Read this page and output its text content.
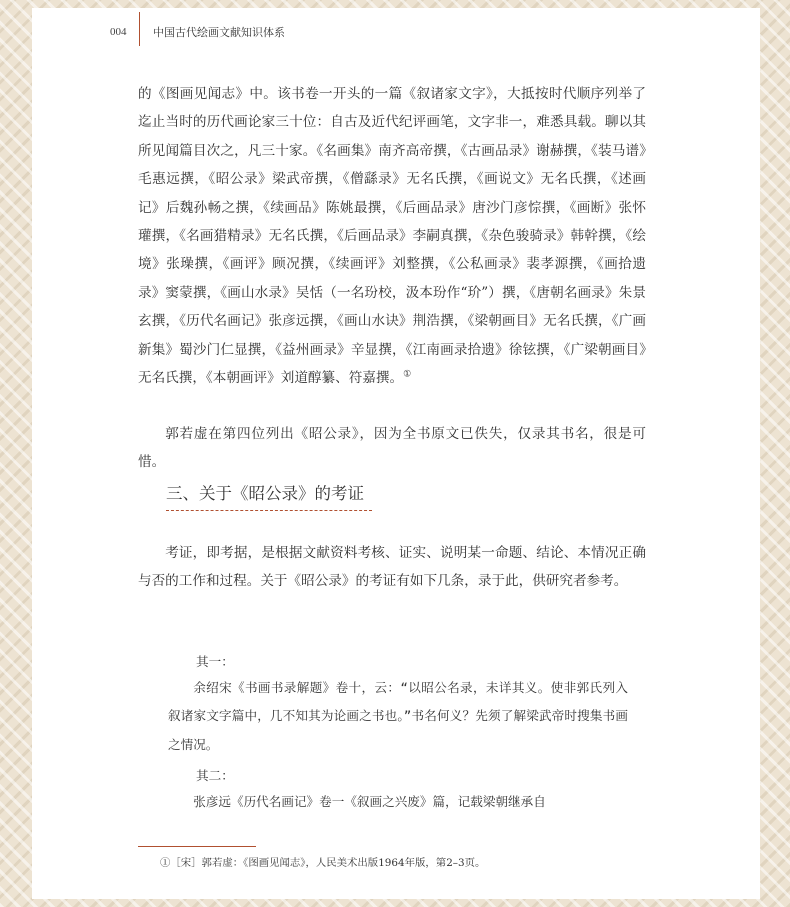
004 中国古代绘画文献知识体系

的《图画见闻志》中。该书卷一开头的一篇《叙诸家文字》，大抵按时代顺序列举了迄止当时的历代画论家三十位：自古及近代纪评画笔，文字非一，难悉具载。聊以其所见闻篇目次之，凡三十家。《名画集》南齐高帝撰，《古画品录》谢赫撰，《装马谱》毛惠远撰，《昭公录》梁武帝撰，《僧繇录》无名氏撰，《画说文》无名氏撰，《述画记》后魏孙畅之撰，《续画品》陈姚最撰，《后画品录》唐沙门彦悰撰，《画断》张怀瓘撰，《名画猎精录》无名氏撰，《后画品录》李嗣真撰，《杂色骏骑录》韩幹撰，《绘境》张璪撰，《画评》顾况撰，《续画评》刘整撰，《公私画录》裴孝源撰，《画拾遗录》窦蒙撰，《画山水录》吴恬（一名玢校，汲本玢作“玠”）撰，《唐朝名画录》朱景玄撰，《历代名画记》张彦远撰，《画山水诀》荆浩撰，《梁朝画目》无名氏撰，《广画新集》蜀沙门仁显撰，《益州画录》辛显撰，《江南画录拾遗》徐铉撰，《广梁朝画目》无名氏撰，《本朝画评》刘道醇纂、符嘉撰。①

郭若虚在第四位列出《昭公录》，因为全书原文已佚失，仅录其书名，很是可惜。

三、关于《昭公录》的考证

考证，即考据，是根据文献资料考核、证实、说明某一命题、结论、本情况正确与否的工作和过程。关于《昭公录》的考证有如下几条，录于此，供研究者参考。

其一：

余绍宋《书画书录解题》卷十，云：“以昭公名录，未详其义。使非郭氏列入叙诸家文字篇中，几不知其为论画之书也。”书名何义？先须了解梁武帝时搜集书画之情况。

其二：

张彦远《历代名画记》卷一《叙画之兴废》篇，记载梁朝继承自

①［宋］郭若虚：《图画见闻志》，人民美术出版1964年版，第2–3页。
